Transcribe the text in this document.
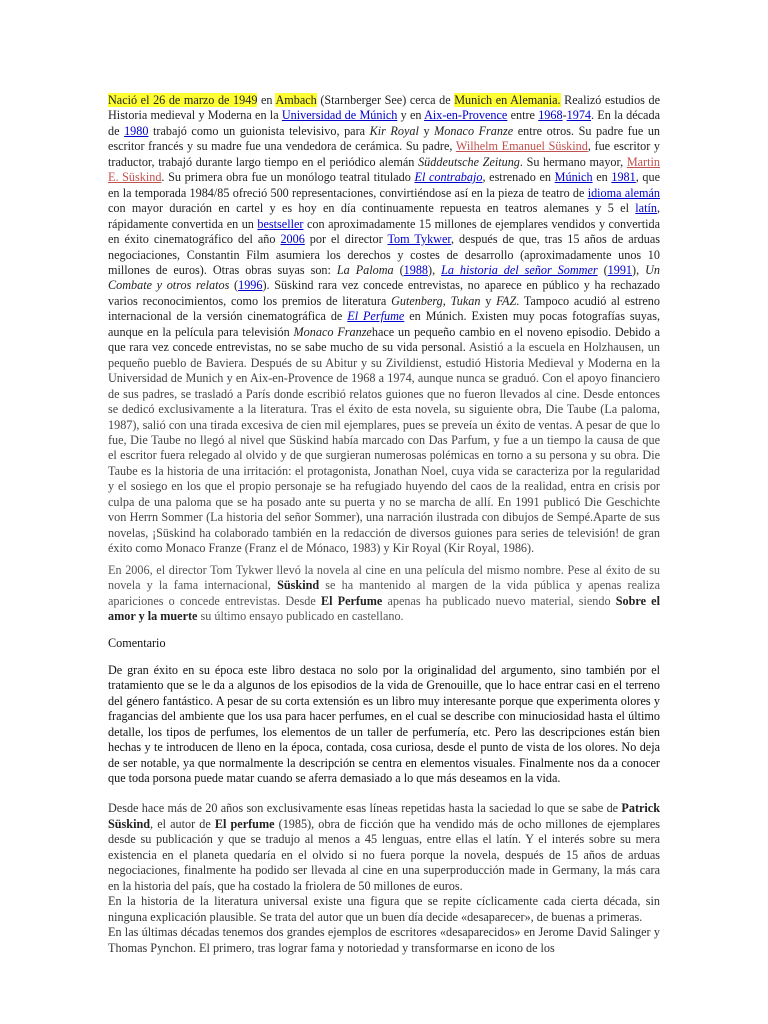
Nació el 26 de marzo de 1949 en Ambach (Starnberger See) cerca de Munich en Alemania. Realizó estudios de Historia medieval y Moderna en la Universidad de Múnich y en Aix-en-Provence entre 1968-1974. En la década de 1980 trabajó como un guionista televisivo, para Kir Royal y Monaco Franze entre otros. Su padre fue un escritor francés y su madre fue una vendedora de cerámica. Su padre, Wilhelm Emanuel Süskind, fue escritor y traductor, trabajó durante largo tiempo en el periódico alemán Süddeutsche Zeitung. Su hermano mayor, Martin E. Süskind. Su primera obra fue un monólogo teatral titulado El contrabajo, estrenado en Múnich en 1981, que en la temporada 1984/85 ofreció 500 representaciones, convirtiéndose así en la pieza de teatro de idioma alemán con mayor duración en cartel y es hoy en día continuamente repuesta en teatros alemanes y 5 el latín, rápidamente convertida en un bestseller con aproximadamente 15 millones de ejemplares vendidos y convertida en éxito cinematográfico del año 2006 por el director Tom Tykwer, después de que, tras 15 años de arduas negociaciones, Constantin Film asumiera los derechos y costes de desarrollo (aproximadamente unos 10 millones de euros). Otras obras suyas son: La Paloma (1988), La historia del señor Sommer (1991), Un Combate y otros relatos (1996). Süskind rara vez concede entrevistas, no aparece en público y ha rechazado varios reconocimientos, como los premios de literatura Gutenberg, Tukan y FAZ. Tampoco acudió al estreno internacional de la versión cinematográfica de El Perfume en Múnich. Existen muy pocas fotografías suyas, aunque en la película para televisión Monaco Franzehace un pequeño cambio en el noveno episodio. Debido a que rara vez concede entrevistas, no se sabe mucho de su vida personal. Asistió a la escuela en Holzhausen, un pequeño pueblo de Baviera. Después de su Abitur y su Zivildienst, estudió Historia Medieval y Moderna en la Universidad de Munich y en Aix-en-Provence de 1968 a 1974, aunque nunca se graduó. Con el apoyo financiero de sus padres, se trasladó a París donde escribió relatos guiones que no fueron llevados al cine. Desde entonces se dedicó exclusivamente a la literatura. Tras el éxito de esta novela, su siguiente obra, Die Taube (La paloma, 1987), salió con una tirada excesiva de cien mil ejemplares, pues se preveía un éxito de ventas. A pesar de que lo fue, Die Taube no llegó al nivel que Süskind había marcado con Das Parfum, y fue a un tiempo la causa de que el escritor fuera relegado al olvido y de que surgieran numerosas polémicas en torno a su persona y su obra. Die Taube es la historia de una irritación: el protagonista, Jonathan Noel, cuya vida se caracteriza por la regularidad y el sosiego en los que el propio personaje se ha refugiado huyendo del caos de la realidad, entra en crisis por culpa de una paloma que se ha posado ante su puerta y no se marcha de allí. En 1991 publicó Die Geschichte von Herrn Sommer (La historia del señor Sommer), una narración ilustrada con dibujos de Sempé.Aparte de sus novelas, ¡Süskind ha colaborado también en la redacción de diversos guiones para series de televisión! de gran éxito como Monaco Franze (Franz el de Mónaco, 1983) y Kir Royal (Kir Royal, 1986).

En 2006, el director Tom Tykwer llevó la novela al cine en una película del mismo nombre. Pese al éxito de su novela y la fama internacional, Süskind se ha mantenido al margen de la vida pública y apenas realiza apariciones o concede entrevistas. Desde El Perfume apenas ha publicado nuevo material, siendo Sobre el amor y la muerte su último ensayo publicado en castellano.

Comentario

De gran éxito en su época este libro destaca no solo por la originalidad del argumento, sino también por el tratamiento que se le da a algunos de los episodios de la vida de Grenouille, que lo hace entrar casi en el terreno del género fantástico. A pesar de su corta extensión es un libro muy interesante porque que experimenta olores y fragancias del ambiente que los usa para hacer perfumes, en el cual se describe con minuciosidad hasta el último detalle, los tipos de perfumes, los elementos de un taller de perfumería, etc. Pero las descripciones están bien hechas y te introducen de lleno en la época, contada, cosa curiosa, desde el punto de vista de los olores. No deja de ser notable, ya que normalmente la descripción se centra en elementos visuales. Finalmente nos da a conocer que toda porsona puede matar cuando se aferra demasiado a lo que más deseamos en la vida.

Desde hace más de 20 años son exclusivamente esas líneas repetidas hasta la saciedad lo que se sabe de Patrick Süskind, el autor de El perfume (1985), obra de ficción que ha vendido más de ocho millones de ejemplares desde su publicación y que se tradujo al menos a 45 lenguas, entre ellas el latín. Y el interés sobre su mera existencia en el planeta quedaría en el olvido si no fuera porque la novela, después de 15 años de arduas negociaciones, finalmente ha podido ser llevada al cine en una superproducción made in Germany, la más cara en la historia del país, que ha costado la friolera de 50 millones de euros.

En la historia de la literatura universal existe una figura que se repite cíclicamente cada cierta década, sin ninguna explicación plausible. Se trata del autor que un buen día decide «desaparecer», de buenas a primeras.

En las últimas décadas tenemos dos grandes ejemplos de escritores «desaparecidos» en Jerome David Salinger y Thomas Pynchon. El primero, tras lograr fama y notoriedad y transformarse en icono de los
